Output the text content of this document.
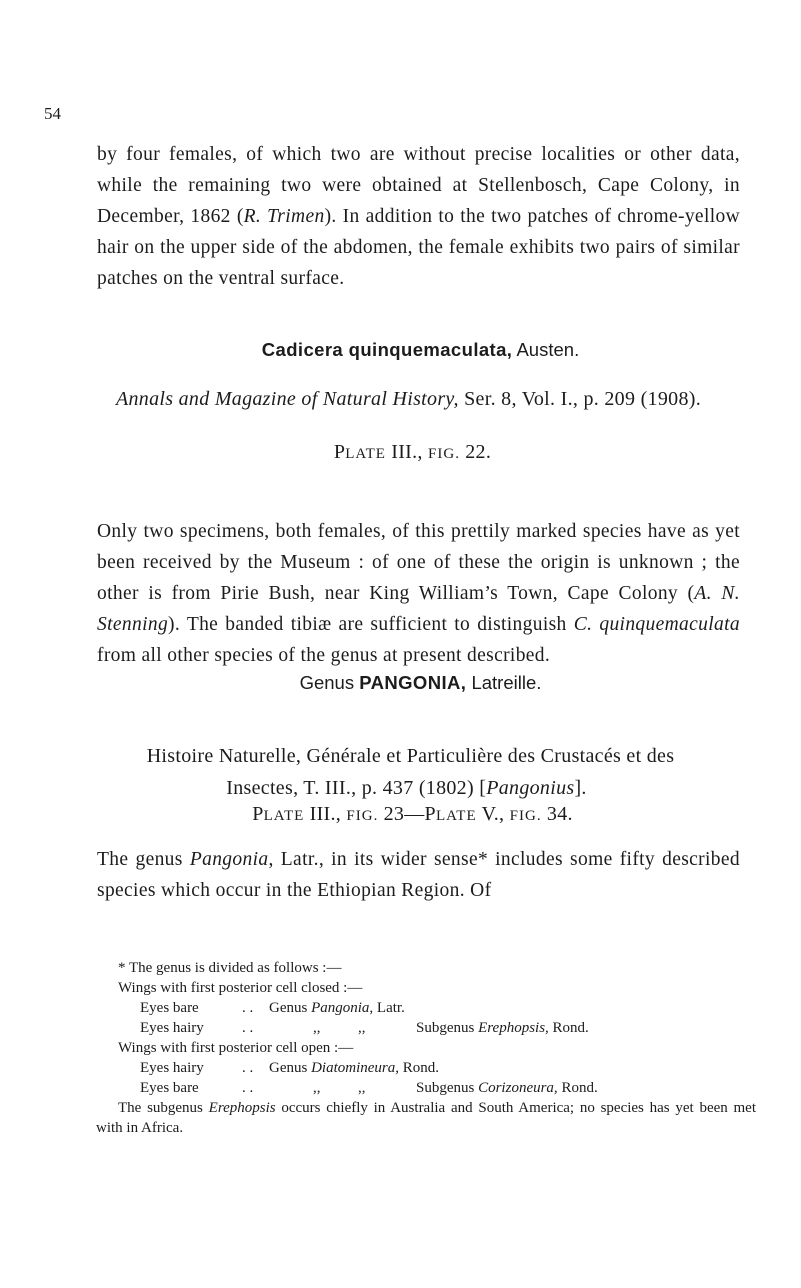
54

by four females, of which two are without precise localities or other data, while the remaining two were obtained at Stellenbosch, Cape Colony, in December, 1862 (R. Trimen). In addition to the two patches of chrome-yellow hair on the upper side of the abdomen, the female exhibits two pairs of similar patches on the ventral surface.

Cadicera quinquemaculata, Austen.
Annals and Magazine of Natural History, Ser. 8, Vol. I., p. 209 (1908).
PLATE III., FIG. 22.

Only two specimens, both females, of this prettily marked species have as yet been received by the Museum : of one of these the origin is unknown ; the other is from Pirie Bush, near King William’s Town, Cape Colony (A. N. Stenning). The banded tibiæ are sufficient to distinguish C. quinquemaculata from all other species of the genus at present described.

Genus PANGONIA, Latreille.
Histoire Naturelle, Générale et Particulière des Crustacés et des
Insectes, T. III., p. 437 (1802) [Pangonius].
PLATE III., FIG. 23—PLATE V., FIG. 34.

The genus Pangonia, Latr., in its wider sense* includes some fifty described species which occur in the Ethiopian Region. Of

* The genus is divided as follows :—
Wings with first posterior cell closed :—
Eyes bare	. . Genus Pangonia, Latr.
Eyes hairy	. .	,,	,,	Subgenus Erephopsis, Rond.
Wings with first posterior cell open :—
Eyes hairy	. . Genus Diatomineura, Rond.
Eyes bare	. .	,,	,,	Subgenus Corizoneura, Rond.
The subgenus Erephopsis occurs chiefly in Australia and South America; no species has yet been met with in Africa.
